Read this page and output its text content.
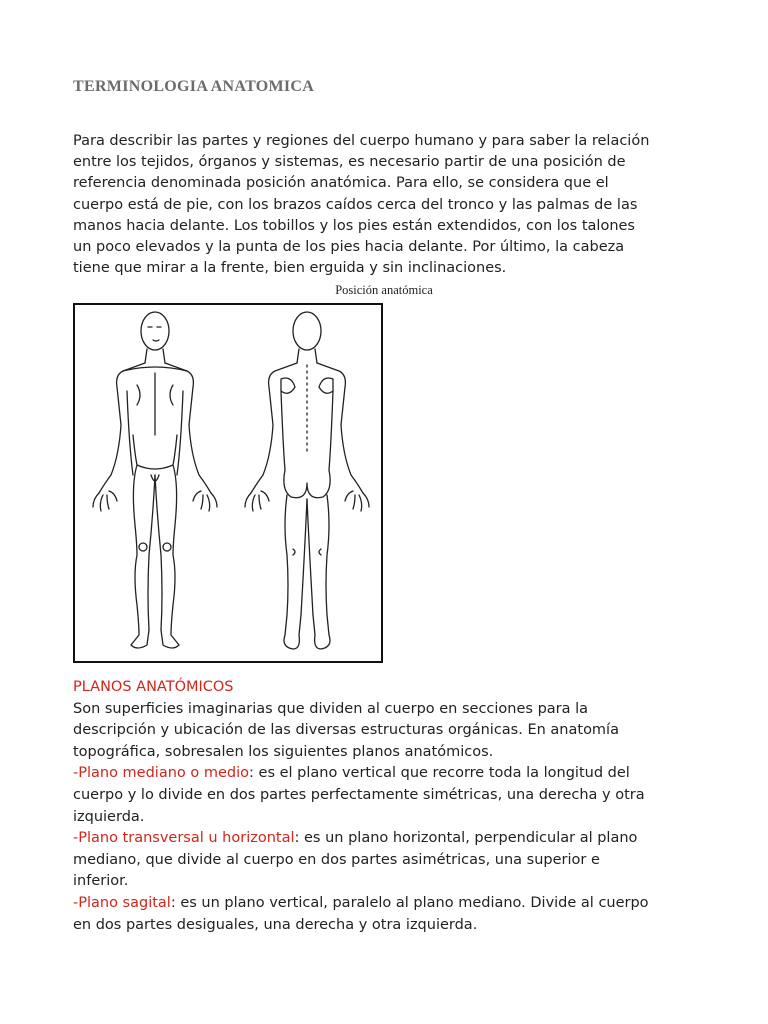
TERMINOLOGIA ANATOMICA
Para describir las partes y regiones del cuerpo humano y para saber la relación
entre los tejidos, órganos y sistemas, es necesario partir de una posición de
referencia denominada posición anatómica. Para ello, se considera que el
cuerpo está de pie, con los brazos caídos cerca del tronco y las palmas de las
manos hacia delante. Los tobillos y los pies están extendidos, con los talones
un poco elevados y la punta de los pies hacia delante. Por último, la cabeza
tiene que mirar a la frente, bien erguida y sin inclinaciones.
Posición anatómica
PLANOS ANATÓMICOS
Son superficies imaginarias que dividen al cuerpo en secciones para la
descripción y ubicación de las diversas estructuras orgánicas. En anatomía
topográfica, sobresalen los siguientes planos anatómicos.
-Plano mediano o medio: es el plano vertical que recorre toda la longitud del
cuerpo y lo divide en dos partes perfectamente simétricas, una derecha y otra
izquierda.
-Plano transversal u horizontal: es un plano horizontal, perpendicular al plano
mediano, que divide al cuerpo en dos partes asimétricas, una superior e
inferior.
-Plano sagital: es un plano vertical, paralelo al plano mediano. Divide al cuerpo
en dos partes desiguales, una derecha y otra izquierda.
